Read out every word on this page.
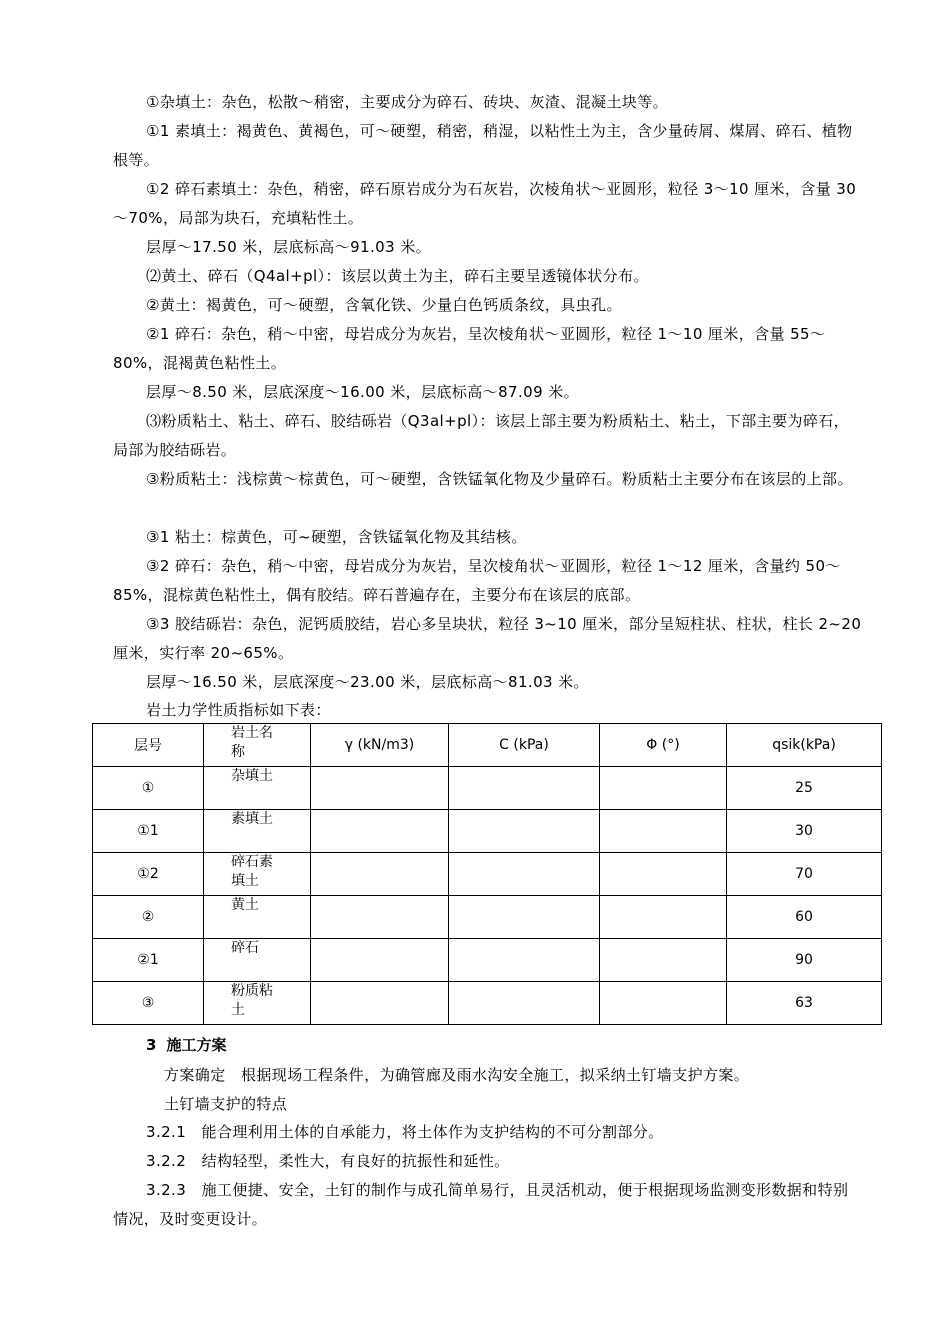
①杂填土：杂色，松散～稍密，主要成分为碎石、砖块、灰渣、混凝土块等。

①1 素填土：褐黄色、黄褐色，可～硬塑，稍密，稍湿，以粘性土为主，含少量砖屑、煤屑、碎石、植物根等。

①2 碎石素填土：杂色，稍密，碎石原岩成分为石灰岩，次棱角状～亚圆形，粒径 3～10 厘米，含量 30～70%，局部为块石，充填粘性土。

层厚～17.50 米，层底标高～91.03 米。

⑵黄土、碎石（Q4al+pl）：该层以黄土为主，碎石主要呈透镜体状分布。

②黄土：褐黄色，可～硬塑，含氧化铁、少量白色钙质条纹，具虫孔。

②1 碎石：杂色，稍～中密，母岩成分为灰岩，呈次棱角状～亚圆形，粒径 1～10 厘米，含量 55～80%，混褐黄色粘性土。

层厚～8.50 米，层底深度～16.00 米，层底标高～87.09 米。

⑶粉质粘土、粘土、碎石、胶结砾岩（Q3al+pl）：该层上部主要为粉质粘土、粘土，下部主要为碎石，局部为胶结砾岩。

③粉质粘土：浅棕黄～棕黄色，可～硬塑，含铁锰氧化物及少量碎石。粉质粘土主要分布在该层的上部。

③1 粘土：棕黄色，可~硬塑，含铁锰氧化物及其结核。

③2 碎石：杂色，稍～中密，母岩成分为灰岩，呈次棱角状～亚圆形，粒径 1～12 厘米，含量约 50～85%，混棕黄色粘性土，偶有胶结。碎石普遍存在，主要分布在该层的底部。

③3 胶结砾岩：杂色，泥钙质胶结，岩心多呈块状，粒径 3~10 厘米，部分呈短柱状、柱状，柱长 2~20 厘米，实行率 20~65%。

层厚～16.50 米，层底深度～23.00 米，层底标高～81.03 米。

岩土力学性质指标如下表：

层号	岩土名称	γ (kN/m3)	C (kPa)	Φ (°)	qsik(kPa)
①	杂填土				25
①1	素填土				30
①2	碎石素填土				70
②	黄土				60
②1	碎石				90
③	粉质粘土				63
3 施工方案

方案确定　根据现场工程条件，为确管廊及雨水沟安全施工，拟采纳土钉墙支护方案。

土钉墙支护的特点

3.2.1　能合理利用土体的自承能力，将土体作为支护结构的不可分割部分。

3.2.2　结构轻型，柔性大，有良好的抗振性和延性。

3.2.3　施工便捷、安全，土钉的制作与成孔简单易行，且灵活机动，便于根据现场监测变形数据和特别情况，及时变更设计。
